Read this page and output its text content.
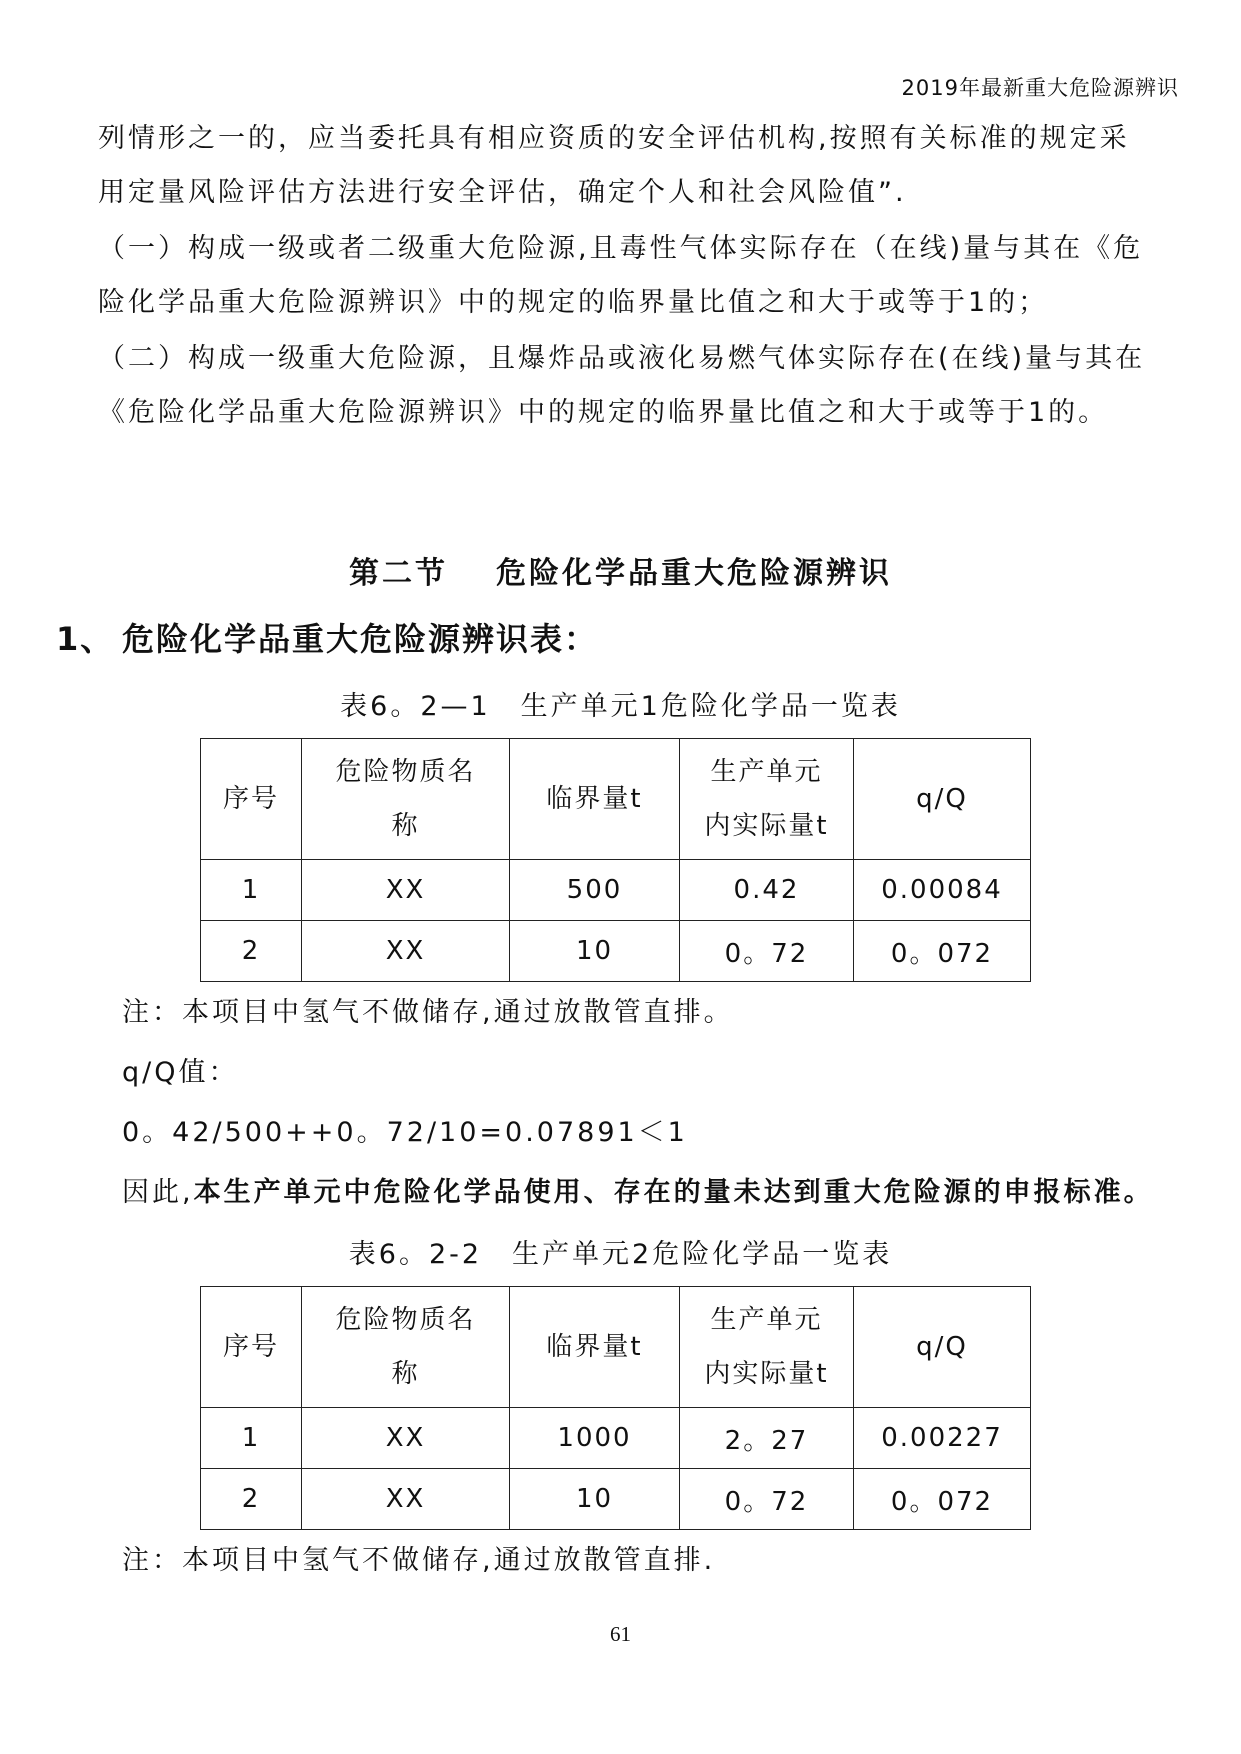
2019年最新重大危险源辨识
列情形之一的，应当委托具有相应资质的安全评估机构,按照有关标准的规定采
用定量风险评估方法进行安全评估，确定个人和社会风险值”.
（一）构成一级或者二级重大危险源,且毒性气体实际存在（在线)量与其在《危
险化学品重大危险源辨识》中的规定的临界量比值之和大于或等于1的；
（二）构成一级重大危险源，且爆炸品或液化易燃气体实际存在(在线)量与其在
《危险化学品重大危险源辨识》中的规定的临界量比值之和大于或等于1的。
第二节 危险化学品重大危险源辨识
1、 危险化学品重大危险源辨识表：
表6。2—1　生产单元1危险化学品一览表
序号	危险物质名称	临界量t	生产单元内实际量t	q/Q
1	XX	500	0.42	0.00084
2	XX	10	0。72	0。072
注：本项目中氢气不做储存,通过放散管直排。
q/Q值：
0。42/500++0。72/10=0.07891＜1
因此,本生产单元中危险化学品使用、存在的量未达到重大危险源的申报标准。
表6。2-2　生产单元2危险化学品一览表
序号	危险物质名称	临界量t	生产单元内实际量t	q/Q
1	XX	1000	2。27	0.00227
2	XX	10	0。72	0。072
注：本项目中氢气不做储存,通过放散管直排.
61
